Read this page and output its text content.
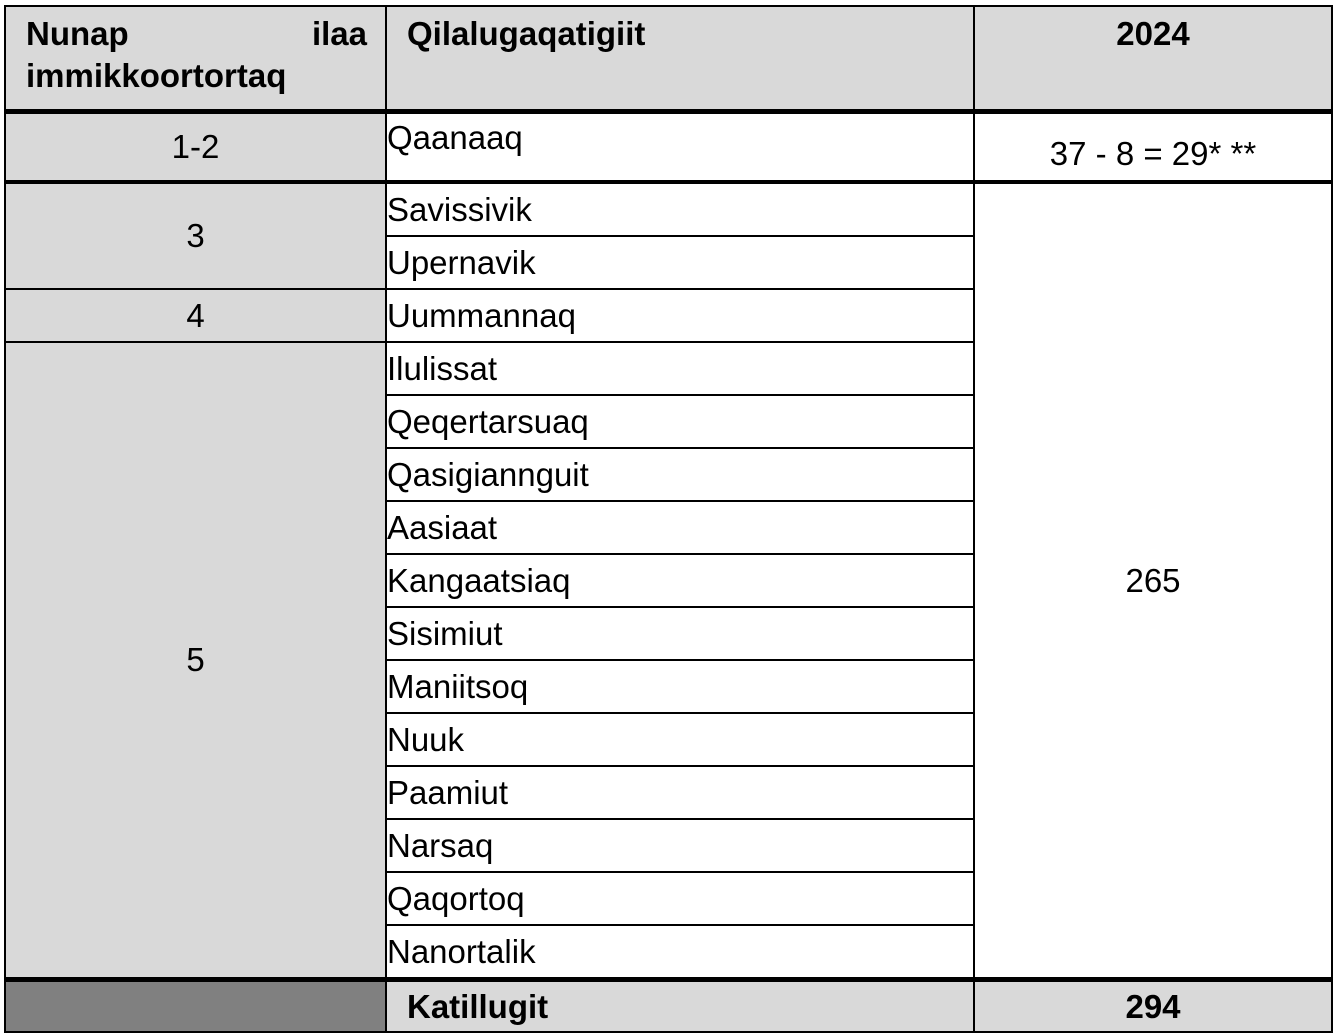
Nunap ilaa immikkoortortaq	Qilalugaqatigiit	2024
1-2	Qaanaaq	37 - 8 = 29* **
3	Savissivik	265
	Upernavik	
4	Uummannaq	
5	Ilulissat	
	Qeqertarsuaq	
	Qasigiannguit	
	Aasiaat	
	Kangaatsiaq	
	Sisimiut	
	Maniitsoq	
	Nuuk	
	Paamiut	
	Narsaq	
	Qaqortoq	
	Nanortalik	
	Katillugit	294
